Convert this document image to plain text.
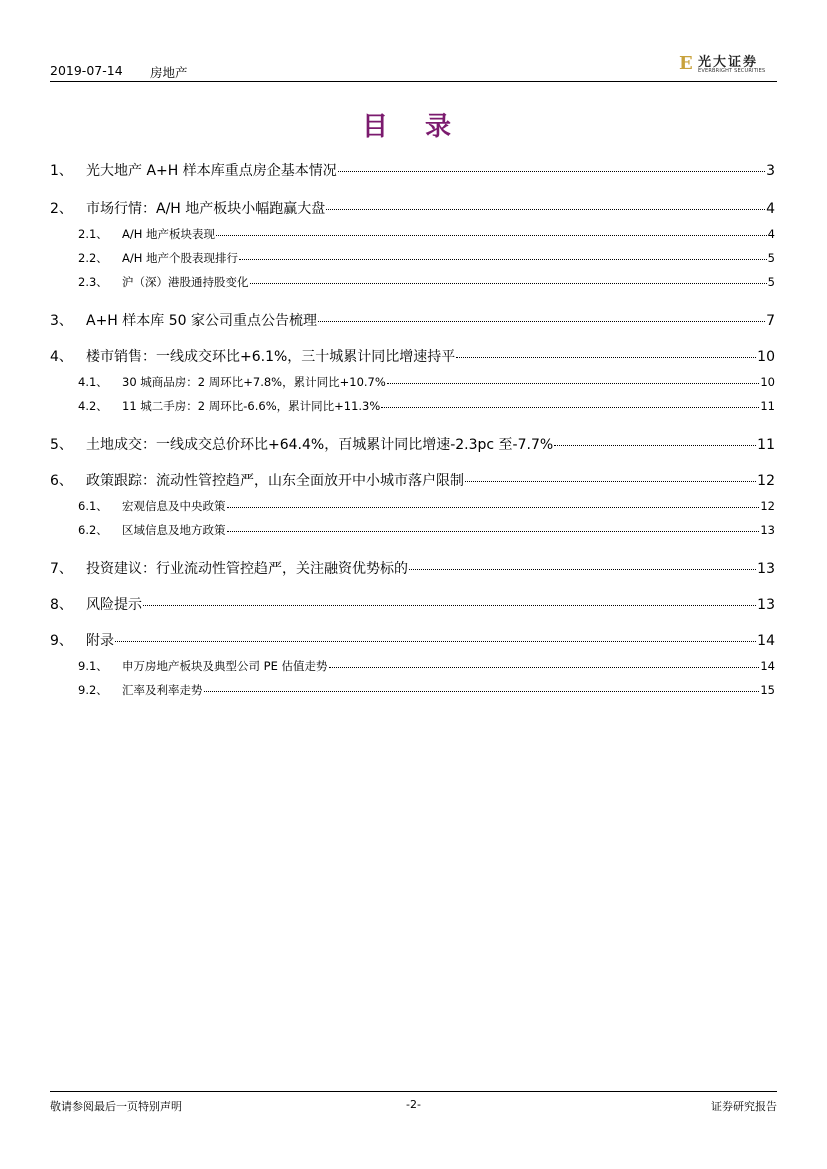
2019-07-14 房地产	E 光大证券
EVERBRIGHT SECURITIES
目 录
1、 光大地产 A+H 样本库重点房企基本情况	3
2、 市场行情：A/H 地产板块小幅跑赢大盘	4
2.1、	A/H 地产板块表现	4
2.2、	A/H 地产个股表现排行	5
2.3、	沪（深）港股通持股变化	5
3、 A+H 样本库 50 家公司重点公告梳理	7
4、 楼市销售：一线成交环比+6.1%，三十城累计同比增速持平	10
4.1、	30 城商品房：2 周环比+7.8%，累计同比+10.7%	10
4.2、	11 城二手房：2 周环比-6.6%，累计同比+11.3%	11
5、 土地成交：一线成交总价环比+64.4%，百城累计同比增速-2.3pc 至-7.7%	11
6、 政策跟踪：流动性管控趋严，山东全面放开中小城市落户限制	12
6.1、	宏观信息及中央政策	12
6.2、	区域信息及地方政策	13
7、 投资建议：行业流动性管控趋严，关注融资优势标的	13
8、 风险提示	13
9、 附录	14
9.1、	申万房地产板块及典型公司 PE 估值走势	14
9.2、	汇率及利率走势	15
敬请参阅最后一页特别声明	-2-	证券研究报告
